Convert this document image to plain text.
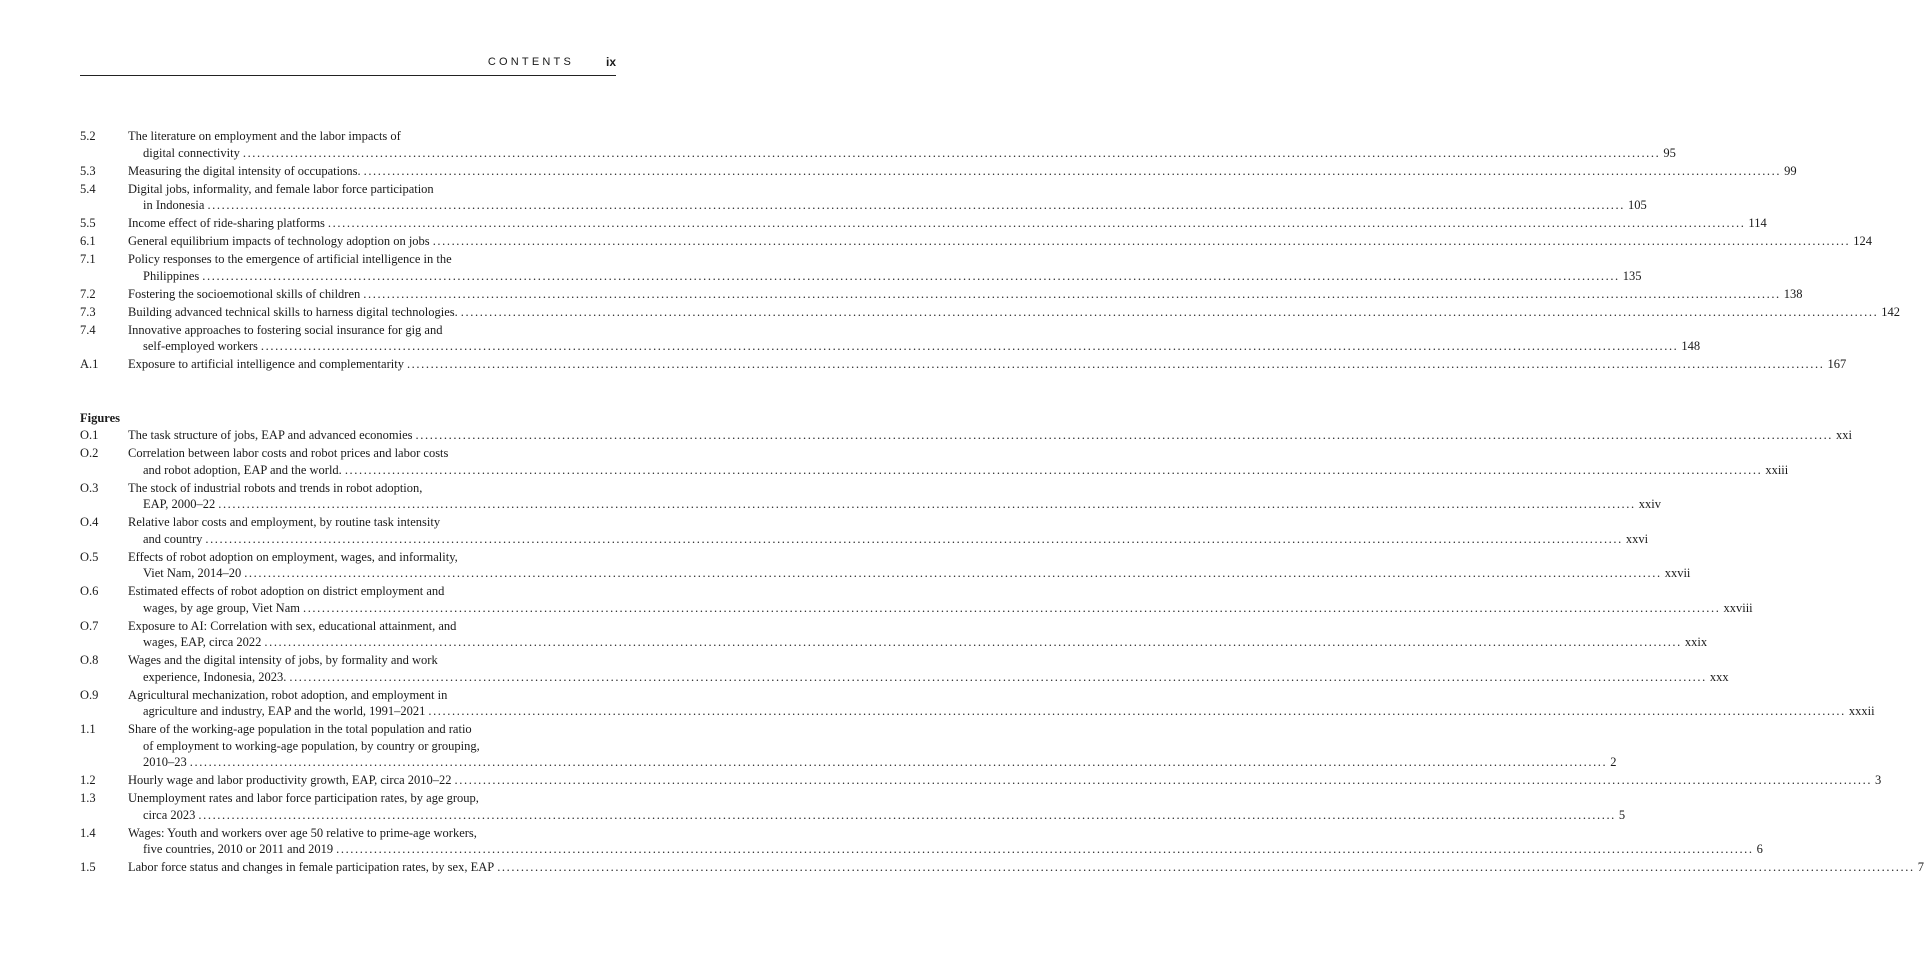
CONTENTS	ix
5.2	The literature on employment and the labor impacts of
digital connectivity ............................................................................................................................................................................................................................................................................................................ 95
5.3	Measuring the digital intensity of occupations. ............................................................................................................................................................................................................................................................................................................ 99
5.4	Digital jobs, informality, and female labor force participation
in Indonesia ............................................................................................................................................................................................................................................................................................................ 105
5.5	Income effect of ride-sharing platforms ............................................................................................................................................................................................................................................................................................................ 114
6.1	General equilibrium impacts of technology adoption on jobs ............................................................................................................................................................................................................................................................................................................ 124
7.1	Policy responses to the emergence of artificial intelligence in the
Philippines ............................................................................................................................................................................................................................................................................................................ 135
7.2	Fostering the socioemotional skills of children ............................................................................................................................................................................................................................................................................................................ 138
7.3	Building advanced technical skills to harness digital technologies. ............................................................................................................................................................................................................................................................................................................ 142
7.4	Innovative approaches to fostering social insurance for gig and
self-employed workers ............................................................................................................................................................................................................................................................................................................ 148
A.1	Exposure to artificial intelligence and complementarity ............................................................................................................................................................................................................................................................................................................ 167
Figures
O.1	The task structure of jobs, EAP and advanced economies ............................................................................................................................................................................................................................................................................................................ xxi
O.2	Correlation between labor costs and robot prices and labor costs
and robot adoption, EAP and the world. ............................................................................................................................................................................................................................................................................................................ xxiii
O.3	The stock of industrial robots and trends in robot adoption,
EAP, 2000–22 ............................................................................................................................................................................................................................................................................................................ xxiv
O.4	Relative labor costs and employment, by routine task intensity
and country ............................................................................................................................................................................................................................................................................................................ xxvi
O.5	Effects of robot adoption on employment, wages, and informality,
Viet Nam, 2014–20 ............................................................................................................................................................................................................................................................................................................ xxvii
O.6	Estimated effects of robot adoption on district employment and
wages, by age group, Viet Nam ............................................................................................................................................................................................................................................................................................................ xxviii
O.7	Exposure to AI: Correlation with sex, educational attainment, and
wages, EAP, circa 2022 ............................................................................................................................................................................................................................................................................................................ xxix
O.8	Wages and the digital intensity of jobs, by formality and work
experience, Indonesia, 2023. ............................................................................................................................................................................................................................................................................................................ xxx
O.9	Agricultural mechanization, robot adoption, and employment in
agriculture and industry, EAP and the world, 1991–2021 ............................................................................................................................................................................................................................................................................................................ xxxii
1.1	Share of the working-age population in the total population and ratio
of employment to working-age population, by country or grouping,
2010–23 ............................................................................................................................................................................................................................................................................................................ 2
1.2	Hourly wage and labor productivity growth, EAP, circa 2010–22 ............................................................................................................................................................................................................................................................................................................ 3
1.3	Unemployment rates and labor force participation rates, by age group,
circa 2023 ............................................................................................................................................................................................................................................................................................................ 5
1.4	Wages: Youth and workers over age 50 relative to prime-age workers,
five countries, 2010 or 2011 and 2019 ............................................................................................................................................................................................................................................................................................................ 6
1.5	Labor force status and changes in female participation rates, by sex, EAP ............................................................................................................................................................................................................................................................................................................ 7
